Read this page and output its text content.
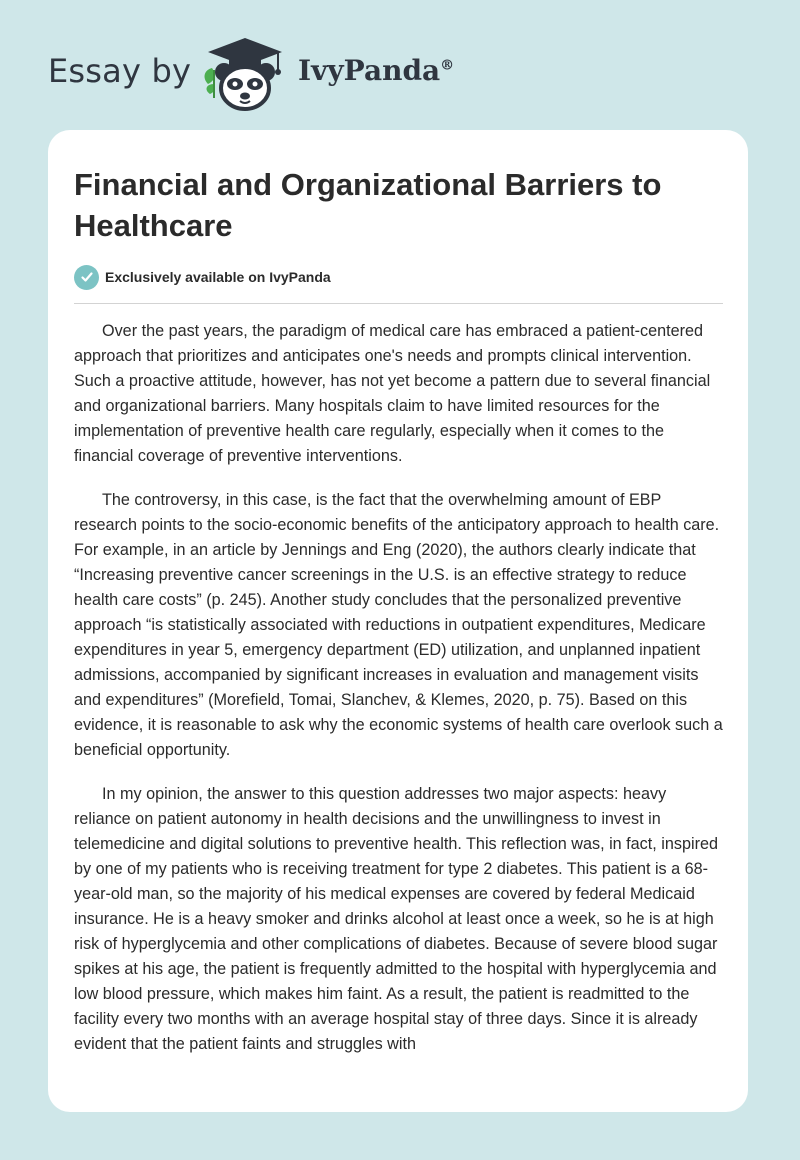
Essay by	IvyPanda®
Financial and Organizational Barriers to Healthcare
Exclusively available on IvyPanda

Over the past years, the paradigm of medical care has embraced a patient-centered approach that prioritizes and anticipates one's needs and prompts clinical intervention. Such a proactive attitude, however, has not yet become a pattern due to several financial and organizational barriers. Many hospitals claim to have limited resources for the implementation of preventive health care regularly, especially when it comes to the financial coverage of preventive interventions.

The controversy, in this case, is the fact that the overwhelming amount of EBP research points to the socio-economic benefits of the anticipatory approach to health care. For example, in an article by Jennings and Eng (2020), the authors clearly indicate that “Increasing preventive cancer screenings in the U.S. is an effective strategy to reduce health care costs” (p. 245). Another study concludes that the personalized preventive approach “is statistically associated with reductions in outpatient expenditures, Medicare expenditures in year 5, emergency department (ED) utilization, and unplanned inpatient admissions, accompanied by significant increases in evaluation and management visits and expenditures” (Morefield, Tomai, Slanchev, & Klemes, 2020, p. 75). Based on this evidence, it is reasonable to ask why the economic systems of health care overlook such a beneficial opportunity.

In my opinion, the answer to this question addresses two major aspects: heavy reliance on patient autonomy in health decisions and the unwillingness to invest in telemedicine and digital solutions to preventive health. This reflection was, in fact, inspired by one of my patients who is receiving treatment for type 2 diabetes. This patient is a 68-year-old man, so the majority of his medical expenses are covered by federal Medicaid insurance. He is a heavy smoker and drinks alcohol at least once a week, so he is at high risk of hyperglycemia and other complications of diabetes. Because of severe blood sugar spikes at his age, the patient is frequently admitted to the hospital with hyperglycemia and low blood pressure, which makes him faint. As a result, the patient is readmitted to the facility every two months with an average hospital stay of three days. Since it is already evident that the patient faints and struggles with
